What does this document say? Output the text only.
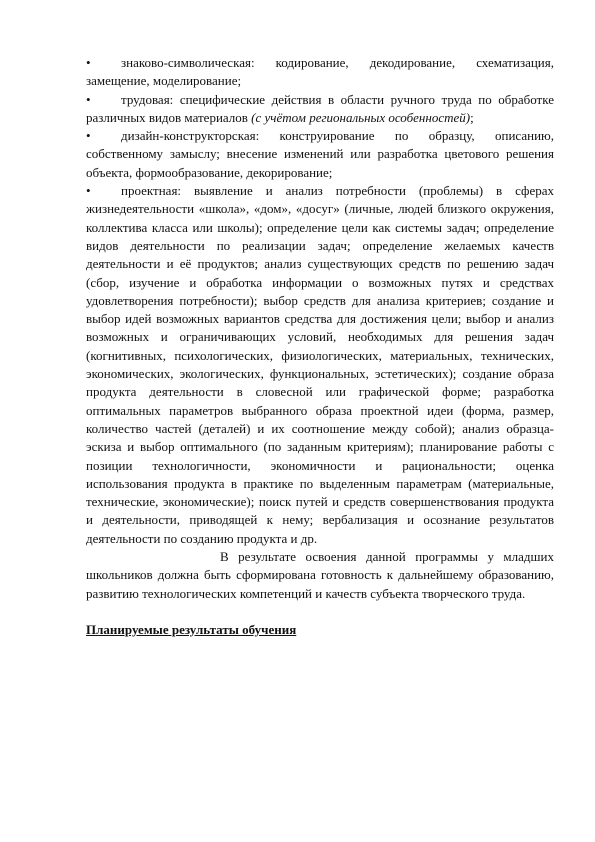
•	знаково-символическая: кодирование, декодирование, схематизация, замещение, моделирование;

•	трудовая: специфические действия в области ручного труда по обработке различных видов материалов (с учётом региональных особенностей);

•	дизайн-конструкторская: конструирование по образцу, описанию, собственному замыслу; внесение изменений или разработка цветового решения объекта, формообразование, декорирование;

•	проектная: выявление и анализ потребности (проблемы) в сферах жизнедеятельности «школа», «дом», «досуг» (личные, людей близкого окружения, коллектива класса или школы); определение цели как системы задач; определение видов деятельности по реализации задач; определение желаемых качеств деятельности и её продуктов; анализ существующих средств по решению задач (сбор, изучение и обработка информации о возможных путях и средствах удовлетворения потребности); выбор средств для анализа критериев; создание и выбор идей возможных вариантов средства для достижения цели; выбор и анализ возможных и ограничивающих условий, необходимых для решения задач (когнитивных, психологических, физиологических, материальных, технических, экономических, экологических, функциональных, эстетических); создание образа продукта деятельности в словесной или графической форме; разработка оптимальных параметров выбранного образа проектной идеи (форма, размер, количество частей (деталей) и их соотношение между собой); анализ образца-эскиза и выбор оптимального (по заданным критериям); планирование работы с позиции технологичности, экономичности и рациональности; оценка использования продукта в практике по выделенным параметрам (материальные, технические, экономические); поиск путей и средств совершенствования продукта и деятельности, приводящей к нему; вербализация и осознание результатов деятельности по созданию продукта и др.

В результате освоения данной программы у младших школьников должна быть сформирована готовность к дальнейшему образованию, развитию технологических компетенций и качеств субъекта творческого труда.

Планируемые результаты обучения
